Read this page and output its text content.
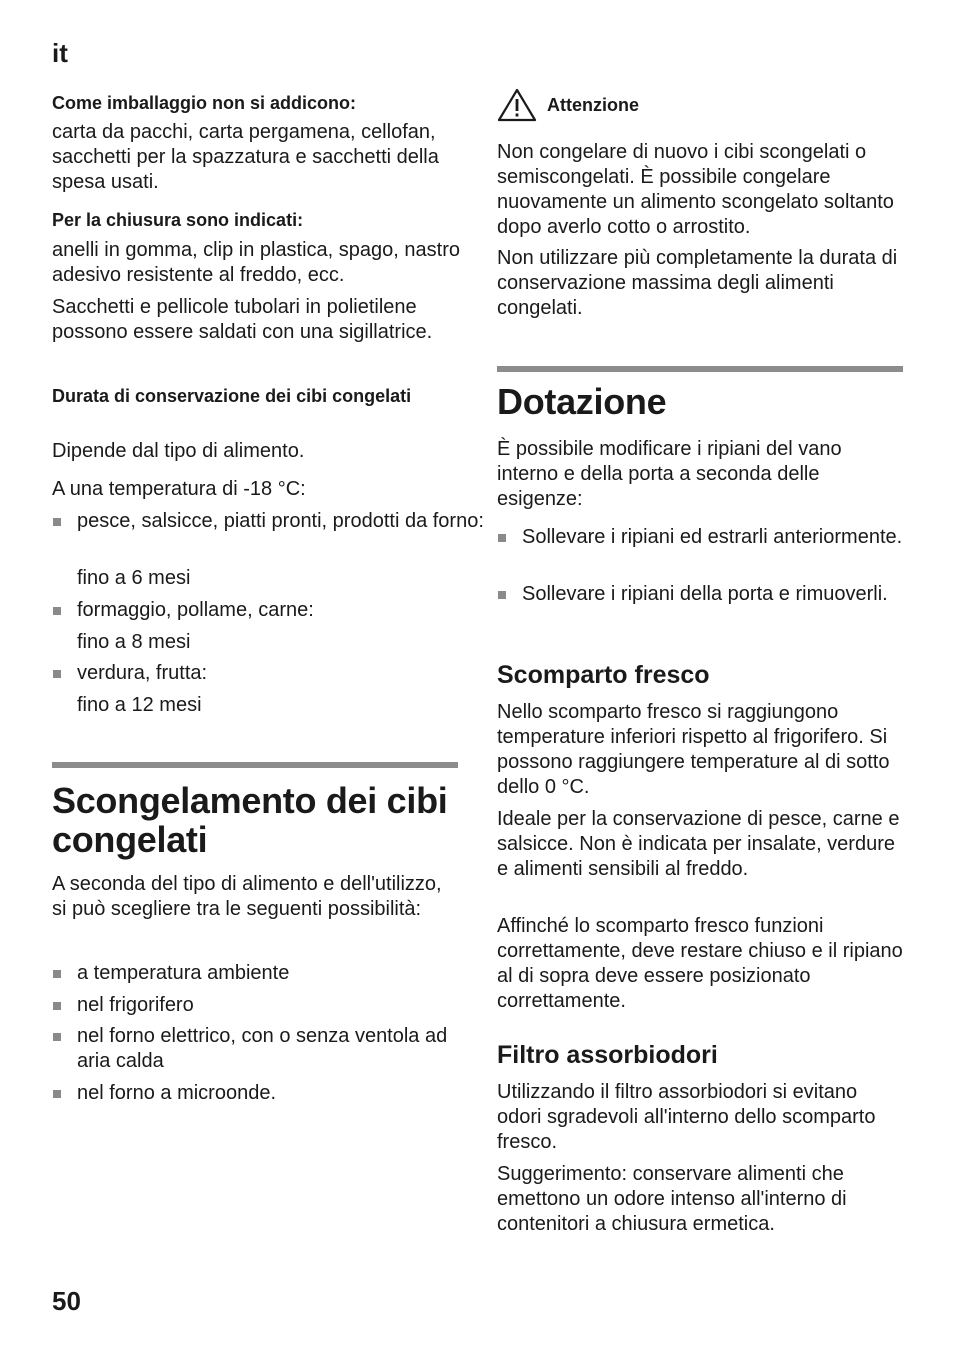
it
Come imballaggio non si addicono:
carta da pacchi, carta pergamena, cellofan, sacchetti per la spazzatura e sacchetti della spesa usati.
Per la chiusura sono indicati:
anelli in gomma, clip in plastica, spago, nastro adesivo resistente al freddo, ecc.
Sacchetti e pellicole tubolari in polietilene possono essere saldati con una sigillatrice.
Durata di conservazione dei cibi congelati
Dipende dal tipo di alimento.
A una temperatura di -18 °C:
pesce, salsicce, piatti pronti, prodotti da forno:
fino a 6 mesi
formaggio, pollame, carne:
fino a 8 mesi
verdura, frutta:
fino a 12 mesi
Scongelamento dei cibi congelati
A seconda del tipo di alimento e dell'utilizzo, si può scegliere tra le seguenti possibilità:
a temperatura ambiente
nel frigorifero
nel forno elettrico, con o senza ventola ad aria calda
nel forno a microonde.
Attenzione
Non congelare di nuovo i cibi scongelati o semiscongelati. È possibile congelare nuovamente un alimento scongelato soltanto dopo averlo cotto o arrostito.
Non utilizzare più completamente la durata di conservazione massima degli alimenti congelati.
Dotazione
È possibile modificare i ripiani del vano interno e della porta a seconda delle esigenze:
Sollevare i ripiani ed estrarli anteriormente.
Sollevare i ripiani della porta e rimuoverli.
Scomparto fresco
Nello scomparto fresco si raggiungono temperature inferiori rispetto al frigorifero. Si possono raggiungere temperature al di sotto dello 0 °C.
Ideale per la conservazione di pesce, carne e salsicce. Non è indicata per insalate, verdure e alimenti sensibili al freddo.
Affinché lo scomparto fresco funzioni correttamente, deve restare chiuso e il ripiano al di sopra deve essere posizionato correttamente.
Filtro assorbiodori
Utilizzando il filtro assorbiodori si evitano odori sgradevoli all'interno dello scomparto fresco.
Suggerimento: conservare alimenti che emettono un odore intenso all'interno di contenitori a chiusura ermetica.
50
